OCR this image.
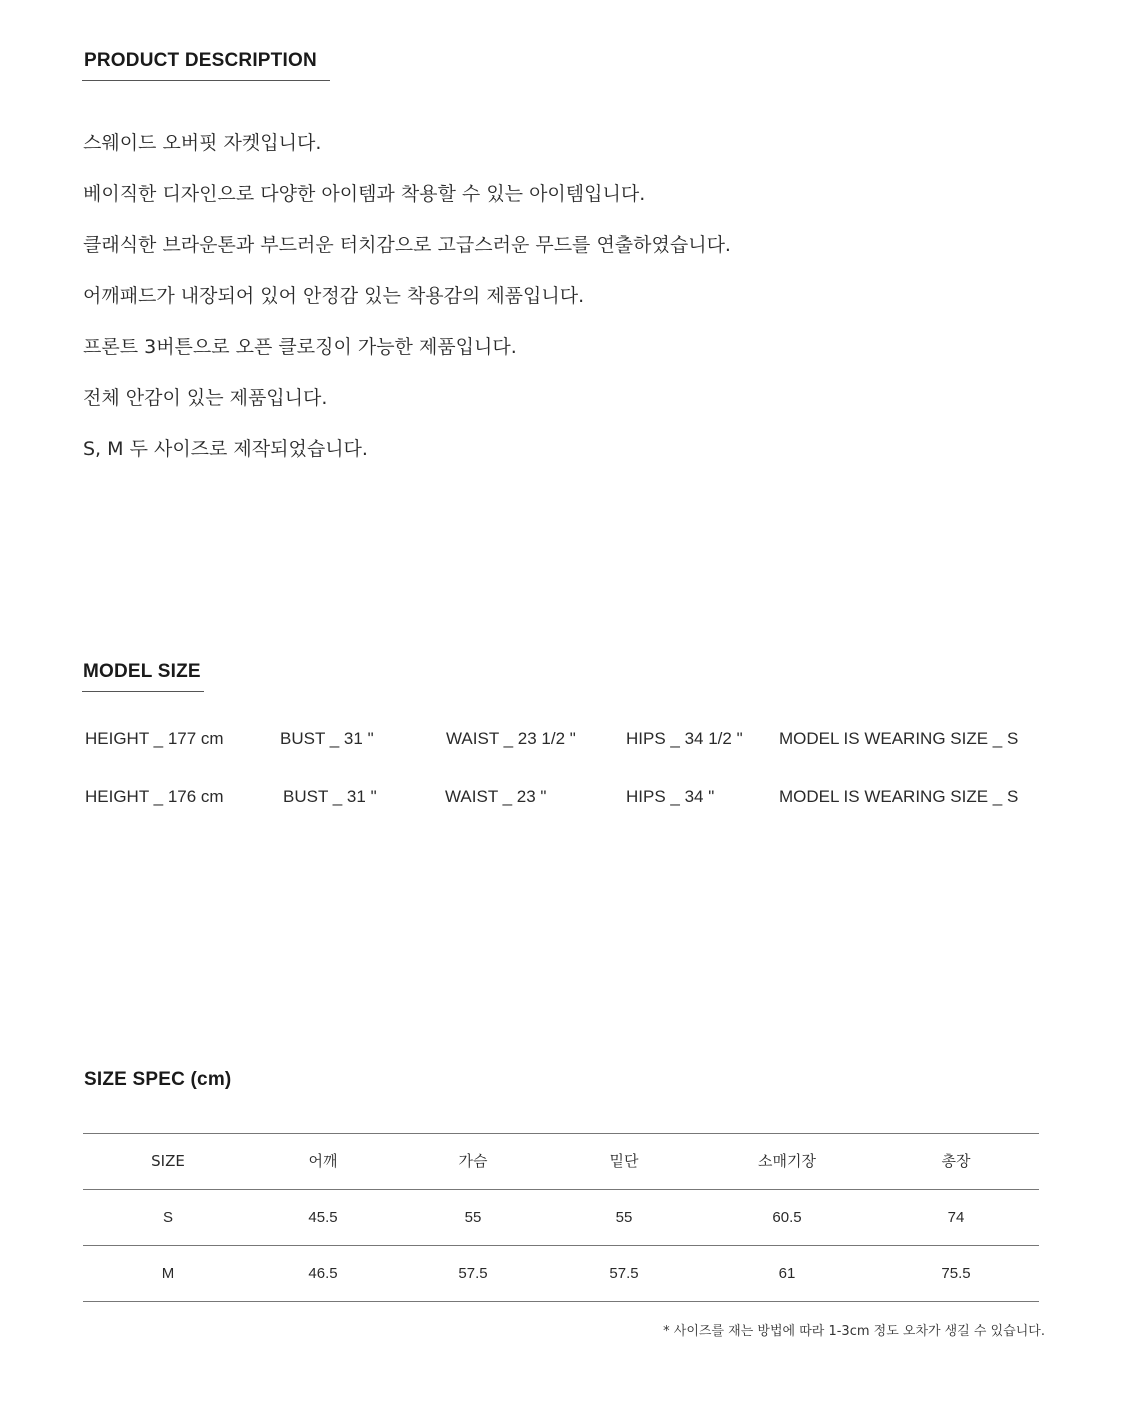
PRODUCT DESCRIPTION
스웨이드 오버핏 자켓입니다.
베이직한 디자인으로 다양한 아이템과 착용할 수 있는 아이템입니다.
클래식한 브라운톤과 부드러운 터치감으로 고급스러운 무드를 연출하였습니다.
어깨패드가 내장되어 있어 안정감 있는 착용감의 제품입니다.
프론트 3버튼으로 오픈 클로징이 가능한 제품입니다.
전체 안감이 있는 제품입니다.
S, M 두 사이즈로 제작되었습니다.
MODEL SIZE
HEIGHT _ 177 cm	BUST _ 31 "	WAIST _ 23 1/2 "	HIPS _ 34 1/2 " MODEL IS WEARING SIZE _ S
HEIGHT _ 176 cm	BUST _ 31 "	WAIST _ 23 "	HIPS _ 34 "	MODEL IS WEARING SIZE _ S
SIZE SPEC (cm)
SIZE	어깨	가슴	밑단	소매기장	총장
S	45.5	55	55	60.5	74
M	46.5	57.5	57.5	61	75.5
* 사이즈를 재는 방법에 따라 1-3cm 정도 오차가 생길 수 있습니다.
